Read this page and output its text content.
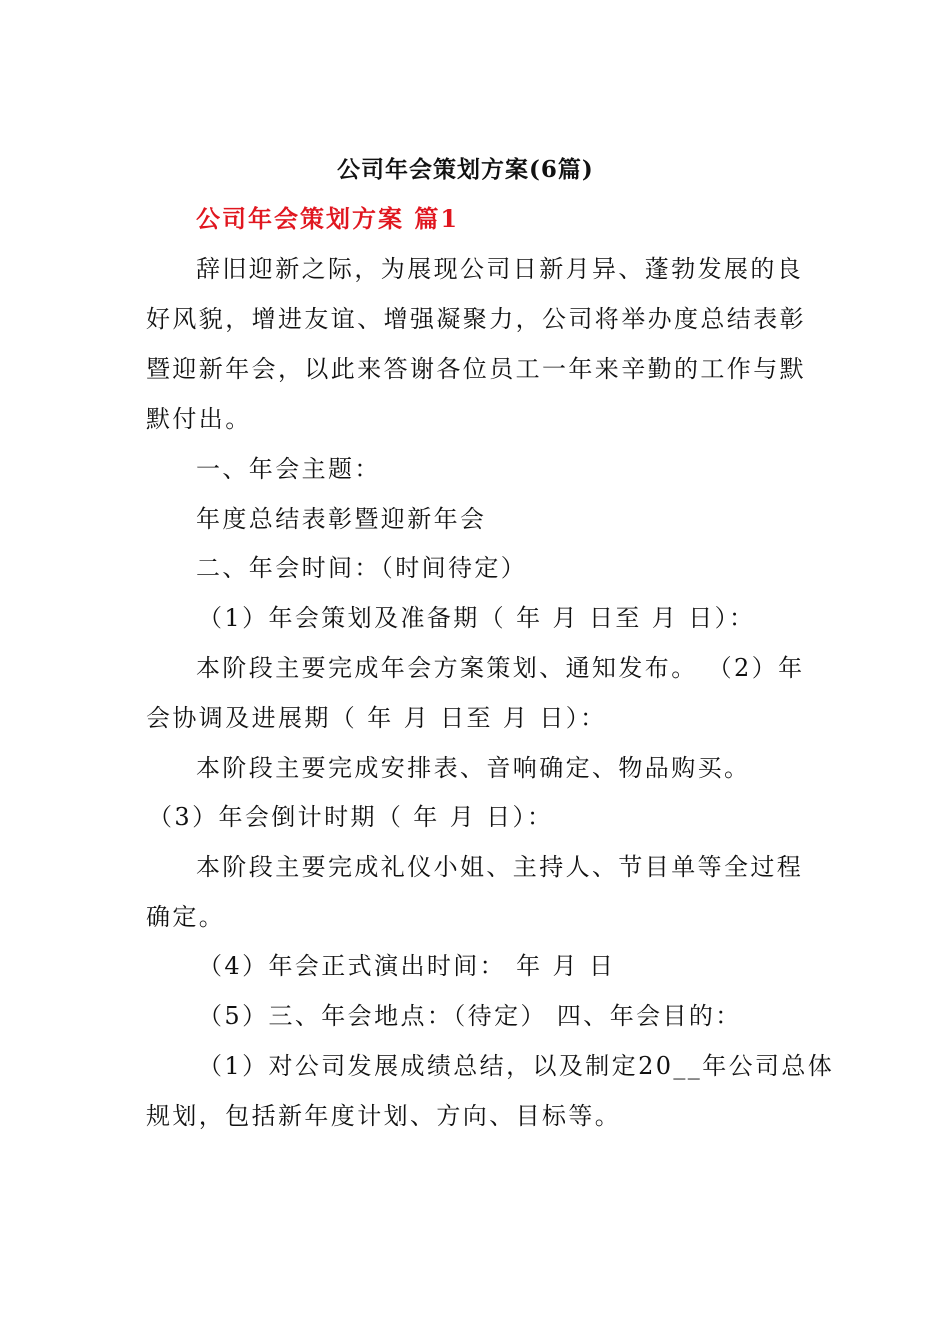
公司年会策划方案(6篇)
公司年会策划方案 篇1
辞旧迎新之际，为展现公司日新月异、蓬勃发展的良
好风貌，增进友谊、增强凝聚力，公司将举办度总结表彰
暨迎新年会，以此来答谢各位员工一年来辛勤的工作与默
默付出。
一、年会主题：
年度总结表彰暨迎新年会
二、年会时间：（时间待定）
（1）年会策划及准备期（ 年 月 日至 月 日）：
本阶段主要完成年会方案策划、通知发布。 （2）年
会协调及进展期（ 年 月 日至 月 日）：
本阶段主要完成安排表、音响确定、物品购买。
（3）年会倒计时期（ 年 月 日）：
本阶段主要完成礼仪小姐、主持人、节目单等全过程
确定。
（4）年会正式演出时间： 年 月 日
（5）三、年会地点：（待定） 四、年会目的：
（1）对公司发展成绩总结，以及制定20__年公司总体
规划，包括新年度计划、方向、目标等。
